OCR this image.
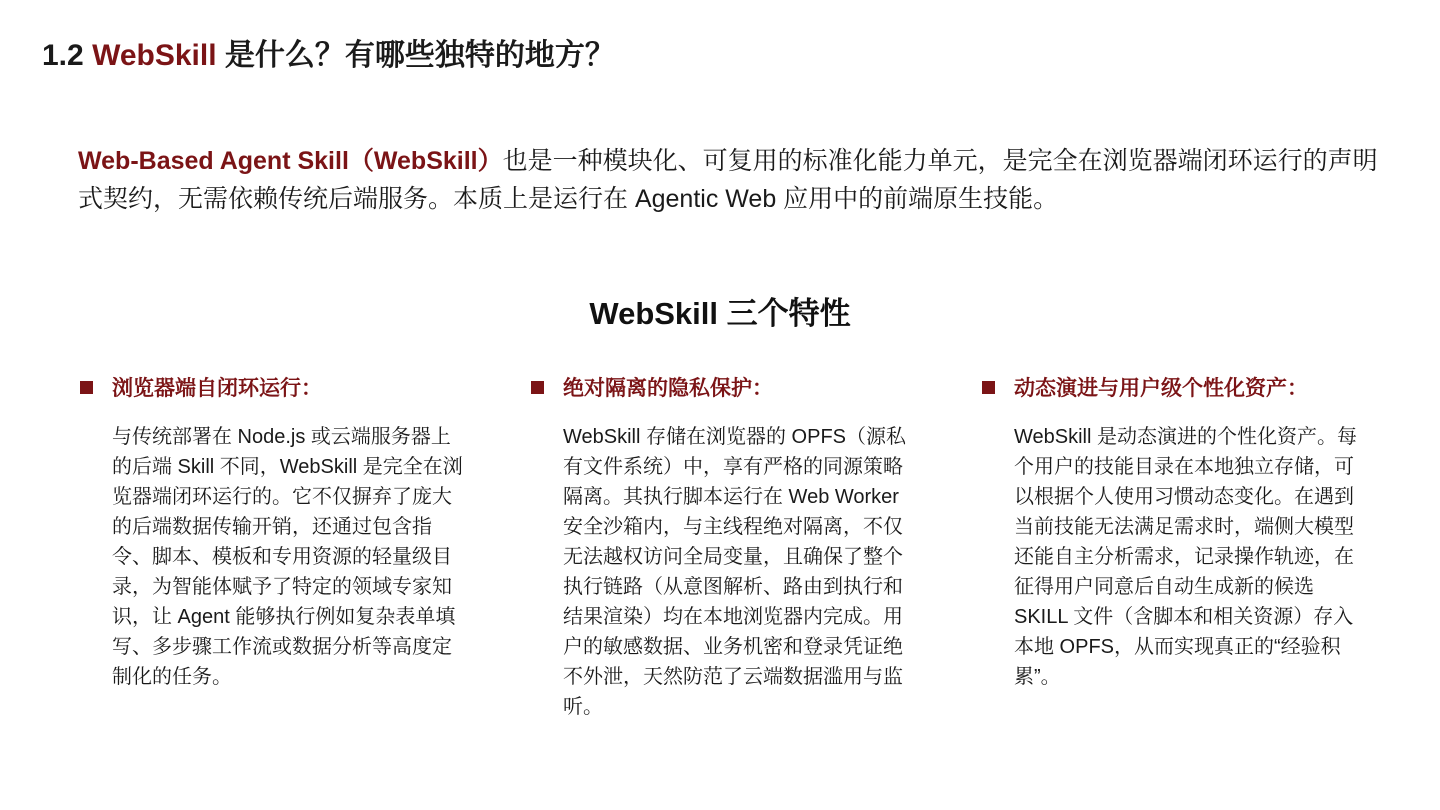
1.2 WebSkill 是什么？有哪些独特的地方？

Web-Based Agent Skill（WebSkill）也是一种模块化、可复用的标准化能力单元，是完全在浏览器端闭环运行的声明式契约，无需依赖传统后端服务。本质上是运行在 Agentic Web 应用中的前端原生技能。

WebSkill 三个特性
浏览器端自闭环运行：
与传统部署在 Node.js 或云端服务器上的后端 Skill 不同，WebSkill 是完全在浏览器端闭环运行的。它不仅摒弃了庞大的后端数据传输开销，还通过包含指令、脚本、模板和专用资源的轻量级目录，为智能体赋予了特定的领域专家知识，让 Agent 能够执行例如复杂表单填写、多步骤工作流或数据分析等高度定制化的任务。
绝对隔离的隐私保护：
WebSkill 存储在浏览器的 OPFS（源私有文件系统）中，享有严格的同源策略隔离。其执行脚本运行在 Web Worker 安全沙箱内，与主线程绝对隔离，不仅无法越权访问全局变量，且确保了整个执行链路（从意图解析、路由到执行和结果渲染）均在本地浏览器内完成。用户的敏感数据、业务机密和登录凭证绝不外泄，天然防范了云端数据滥用与监听。
动态演进与用户级个性化资产：
WebSkill 是动态演进的个性化资产。每个用户的技能目录在本地独立存储，可以根据个人使用习惯动态变化。在遇到当前技能无法满足需求时，端侧大模型还能自主分析需求，记录操作轨迹，在征得用户同意后自动生成新的候选 SKILL 文件（含脚本和相关资源）存入本地 OPFS，从而实现真正的“经验积累”。
